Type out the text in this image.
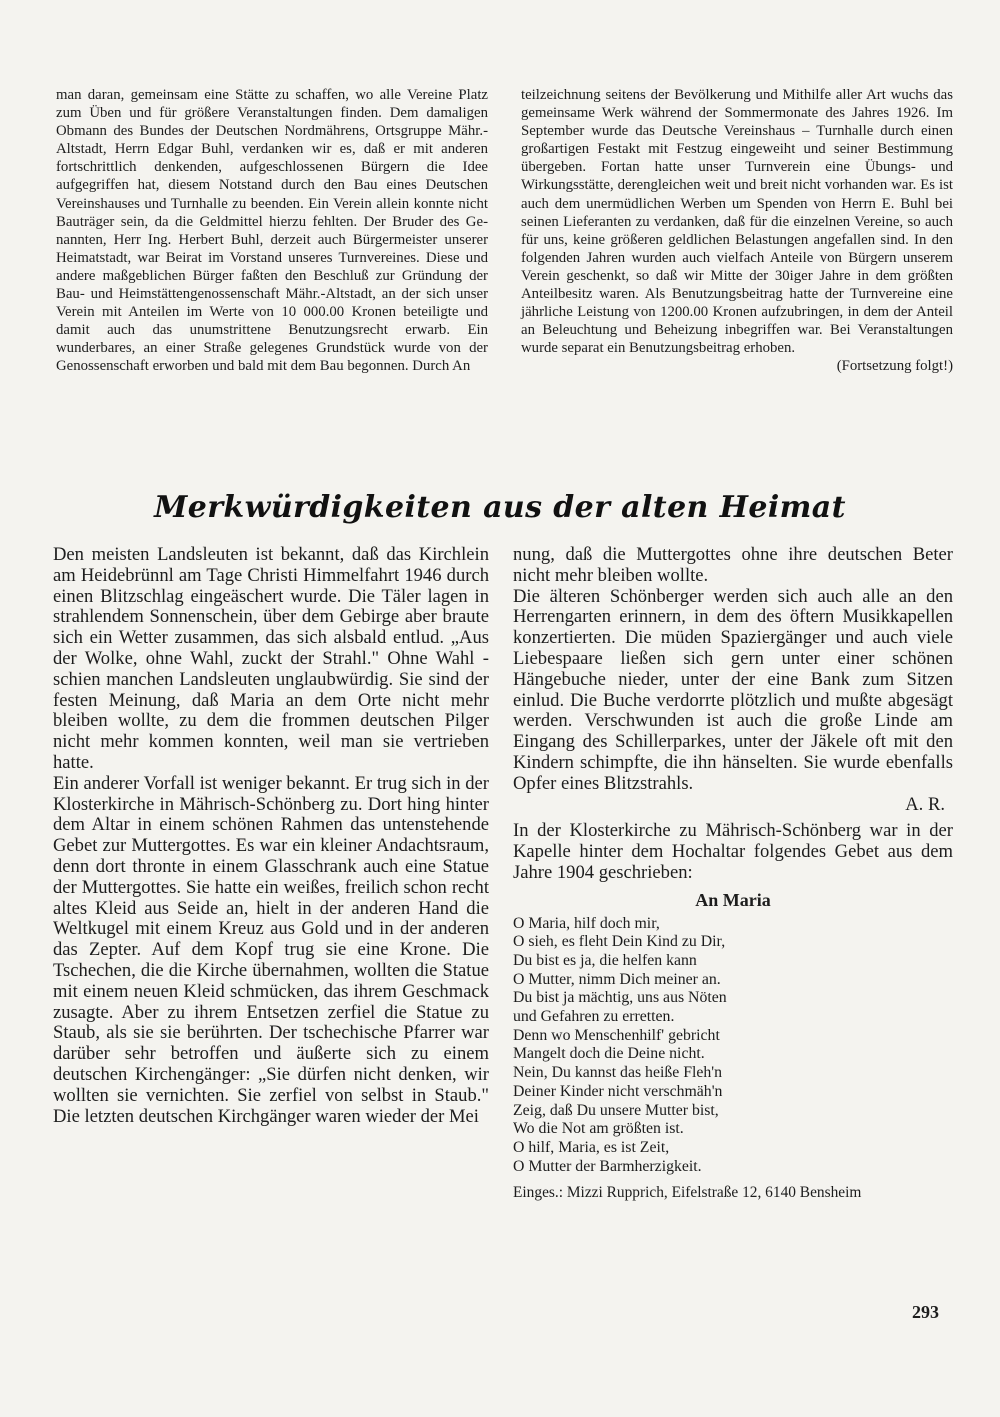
man daran, gemeinsam eine Stätte zu schaffen, wo alle Vereine Platz zum Üben und für größere Veranstaltungen finden. Dem damaligen Obmann des Bundes der Deutschen Nordmährens, Ortsgruppe Mähr.-Altstadt, Herrn Edgar Buhl, verdanken wir es, daß er mit anderen fortschrittlich denkenden, aufgeschlossenen Bürgern die Idee aufgegriffen hat, diesem Notstand durch den Bau eines Deutschen Vereinshauses und Turnhalle zu beenden. Ein Verein allein konnte nicht Bauträger sein, da die Geldmittel hierzu fehlten. Der Bruder des Genannten, Herr Ing. Herbert Buhl, derzeit auch Bürgermeister unserer Heimatstadt, war Beirat im Vorstand unseres Turnvereines. Diese und andere maßgeblichen Bürger faßten den Beschluß zur Gründung der Bau- und Heimstättengenossenschaft Mähr.-Altstadt, an der sich unser Verein mit Anteilen im Werte von 10 000.00 Kronen beteiligte und damit auch das unumstrittene Benutzungsrecht erwarb. Ein wunderbares, an einer Straße gelegenes Grundstück wurde von der Genossenschaft erworben und bald mit dem Bau begonnen. Durch An

teilzeichnung seitens der Bevölkerung und Mithilfe aller Art wuchs das gemeinsame Werk während der Sommermonate des Jahres 1926. Im September wurde das Deutsche Vereinshaus – Turnhalle durch einen großartigen Festakt mit Festzug eingeweiht und seiner Bestimmung übergeben. Fortan hatte unser Turnverein eine Übungs- und Wirkungsstätte, derengleichen weit und breit nicht vorhanden war. Es ist auch dem unermüdlichen Werben um Spenden von Herrn E. Buhl bei seinen Lieferanten zu verdanken, daß für die einzelnen Vereine, so auch für uns, keine größeren geldlichen Belastungen angefallen sind. In den folgenden Jahren wurden auch vielfach Anteile von Bürgern unserem Verein geschenkt, so daß wir Mitte der 30iger Jahre in dem größten Anteilbesitz waren. Als Benutzungsbeitrag hatte der Turnvereine eine jährliche Leistung von 1200.00 Kronen aufzubringen, in dem der Anteil an Beleuchtung und Beheizung inbegriffen war. Bei Veranstaltungen wurde separat ein Benutzungsbeitrag erhoben.

(Fortsetzung folgt!)

Merkwürdigkeiten aus der alten Heimat

Den meisten Landsleuten ist bekannt, daß das Kirchlein am Heidebrünnl am Tage Christi Himmelfahrt 1946 durch einen Blitzschlag eingeäschert wurde. Die Täler lagen in strahlendem Sonnenschein, über dem Gebirge aber braute sich ein Wetter zusammen, das sich alsbald entlud. „Aus der Wolke, ohne Wahl, zuckt der Strahl." Ohne Wahl - schien manchen Landsleuten unglaubwürdig. Sie sind der festen Meinung, daß Maria an dem Orte nicht mehr bleiben wollte, zu dem die frommen deutschen Pilger nicht mehr kommen konnten, weil man sie vertrieben hatte.

Ein anderer Vorfall ist weniger bekannt. Er trug sich in der Klosterkirche in Mährisch-Schönberg zu. Dort hing hinter dem Altar in einem schönen Rahmen das untenstehende Gebet zur Muttergottes. Es war ein kleiner Andachtsraum, denn dort thronte in einem Glasschrank auch eine Statue der Muttergottes. Sie hatte ein weißes, freilich schon recht altes Kleid aus Seide an, hielt in der anderen Hand die Weltkugel mit einem Kreuz aus Gold und in der anderen das Zepter. Auf dem Kopf trug sie eine Krone. Die Tschechen, die die Kirche übernahmen, wollten die Statue mit einem neuen Kleid schmücken, das ihrem Geschmack zusagte. Aber zu ihrem Entsetzen zerfiel die Statue zu Staub, als sie sie berührten. Der tschechische Pfarrer war darüber sehr betroffen und äußerte sich zu einem deutschen Kirchengänger: „Sie dürfen nicht denken, wir wollten sie vernichten. Sie zerfiel von selbst in Staub." Die letzten deutschen Kirchgänger waren wieder der Mei

nung, daß die Muttergottes ohne ihre deutschen Beter nicht mehr bleiben wollte.

Die älteren Schönberger werden sich auch alle an den Herrengarten erinnern, in dem des öftern Musikkapellen konzertierten. Die müden Spaziergänger und auch viele Liebespaare ließen sich gern unter einer schönen Hängebuche nieder, unter der eine Bank zum Sitzen einlud. Die Buche verdorrte plötzlich und mußte abgesägt werden. Verschwunden ist auch die große Linde am Eingang des Schillerparkes, unter der Jäkele oft mit den Kindern schimpfte, die ihn hänselten. Sie wurde ebenfalls Opfer eines Blitzstrahls.

A. R.

In der Klosterkirche zu Mährisch-Schönberg war in der Kapelle hinter dem Hochaltar folgendes Gebet aus dem Jahre 1904 geschrieben:

An Maria

O Maria, hilf doch mir,
O sieh, es fleht Dein Kind zu Dir,
Du bist es ja, die helfen kann
O Mutter, nimm Dich meiner an.
Du bist ja mächtig, uns aus Nöten
und Gefahren zu erretten.
Denn wo Menschenhilf' gebricht
Mangelt doch die Deine nicht.
Nein, Du kannst das heiße Fleh'n
Deiner Kinder nicht verschmäh'n
Zeig, daß Du unsere Mutter bist,
Wo die Not am größten ist.
O hilf, Maria, es ist Zeit,
O Mutter der Barmherzigkeit.

Einges.: Mizzi Rupprich, Eifelstraße 12, 6140 Bensheim

293
